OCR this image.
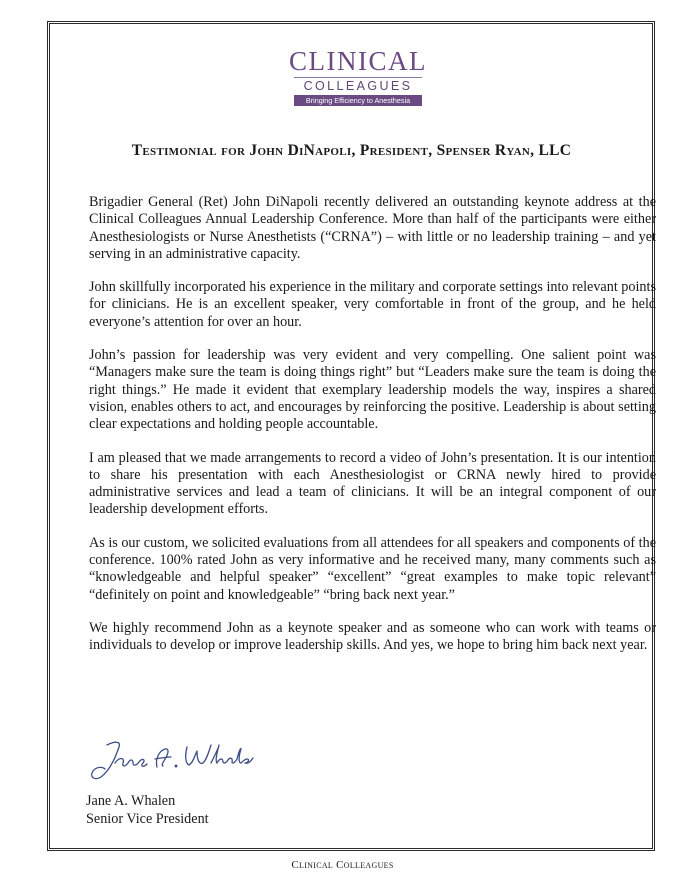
CLINICAL
COLLEAGUES
Bringing Efficiency to Anesthesia
Testimonial for John DiNapoli, President, Spenser Ryan, LLC

Brigadier General (Ret) John DiNapoli recently delivered an outstanding keynote address at the Clinical Colleagues Annual Leadership Conference. More than half of the participants were either Anesthesiologists or Nurse Anesthetists (“CRNA”) – with little or no leadership training – and yet serving in an administrative capacity.

John skillfully incorporated his experience in the military and corporate settings into relevant points for clinicians. He is an excellent speaker, very comfortable in front of the group, and he held everyone’s attention for over an hour.

John’s passion for leadership was very evident and very compelling. One salient point was “Managers make sure the team is doing things right” but “Leaders make sure the team is doing the right things.” He made it evident that exemplary leadership models the way, inspires a shared vision, enables others to act, and encourages by reinforcing the positive. Leadership is about setting clear expectations and holding people accountable.

I am pleased that we made arrangements to record a video of John’s presentation. It is our intention to share his presentation with each Anesthesiologist or CRNA newly hired to provide administrative services and lead a team of clinicians. It will be an integral component of our leadership development efforts.

As is our custom, we solicited evaluations from all attendees for all speakers and components of the conference. 100% rated John as very informative and he received many, many comments such as “knowledgeable and helpful speaker” “excellent” “great examples to make topic relevant” “definitely on point and knowledgeable” “bring back next year.”

We highly recommend John as a keynote speaker and as someone who can work with teams or individuals to develop or improve leadership skills. And yes, we hope to bring him back next year.

Jane A. Whalen
Jane A. Whalen
Senior Vice President
Clinical Colleagues
